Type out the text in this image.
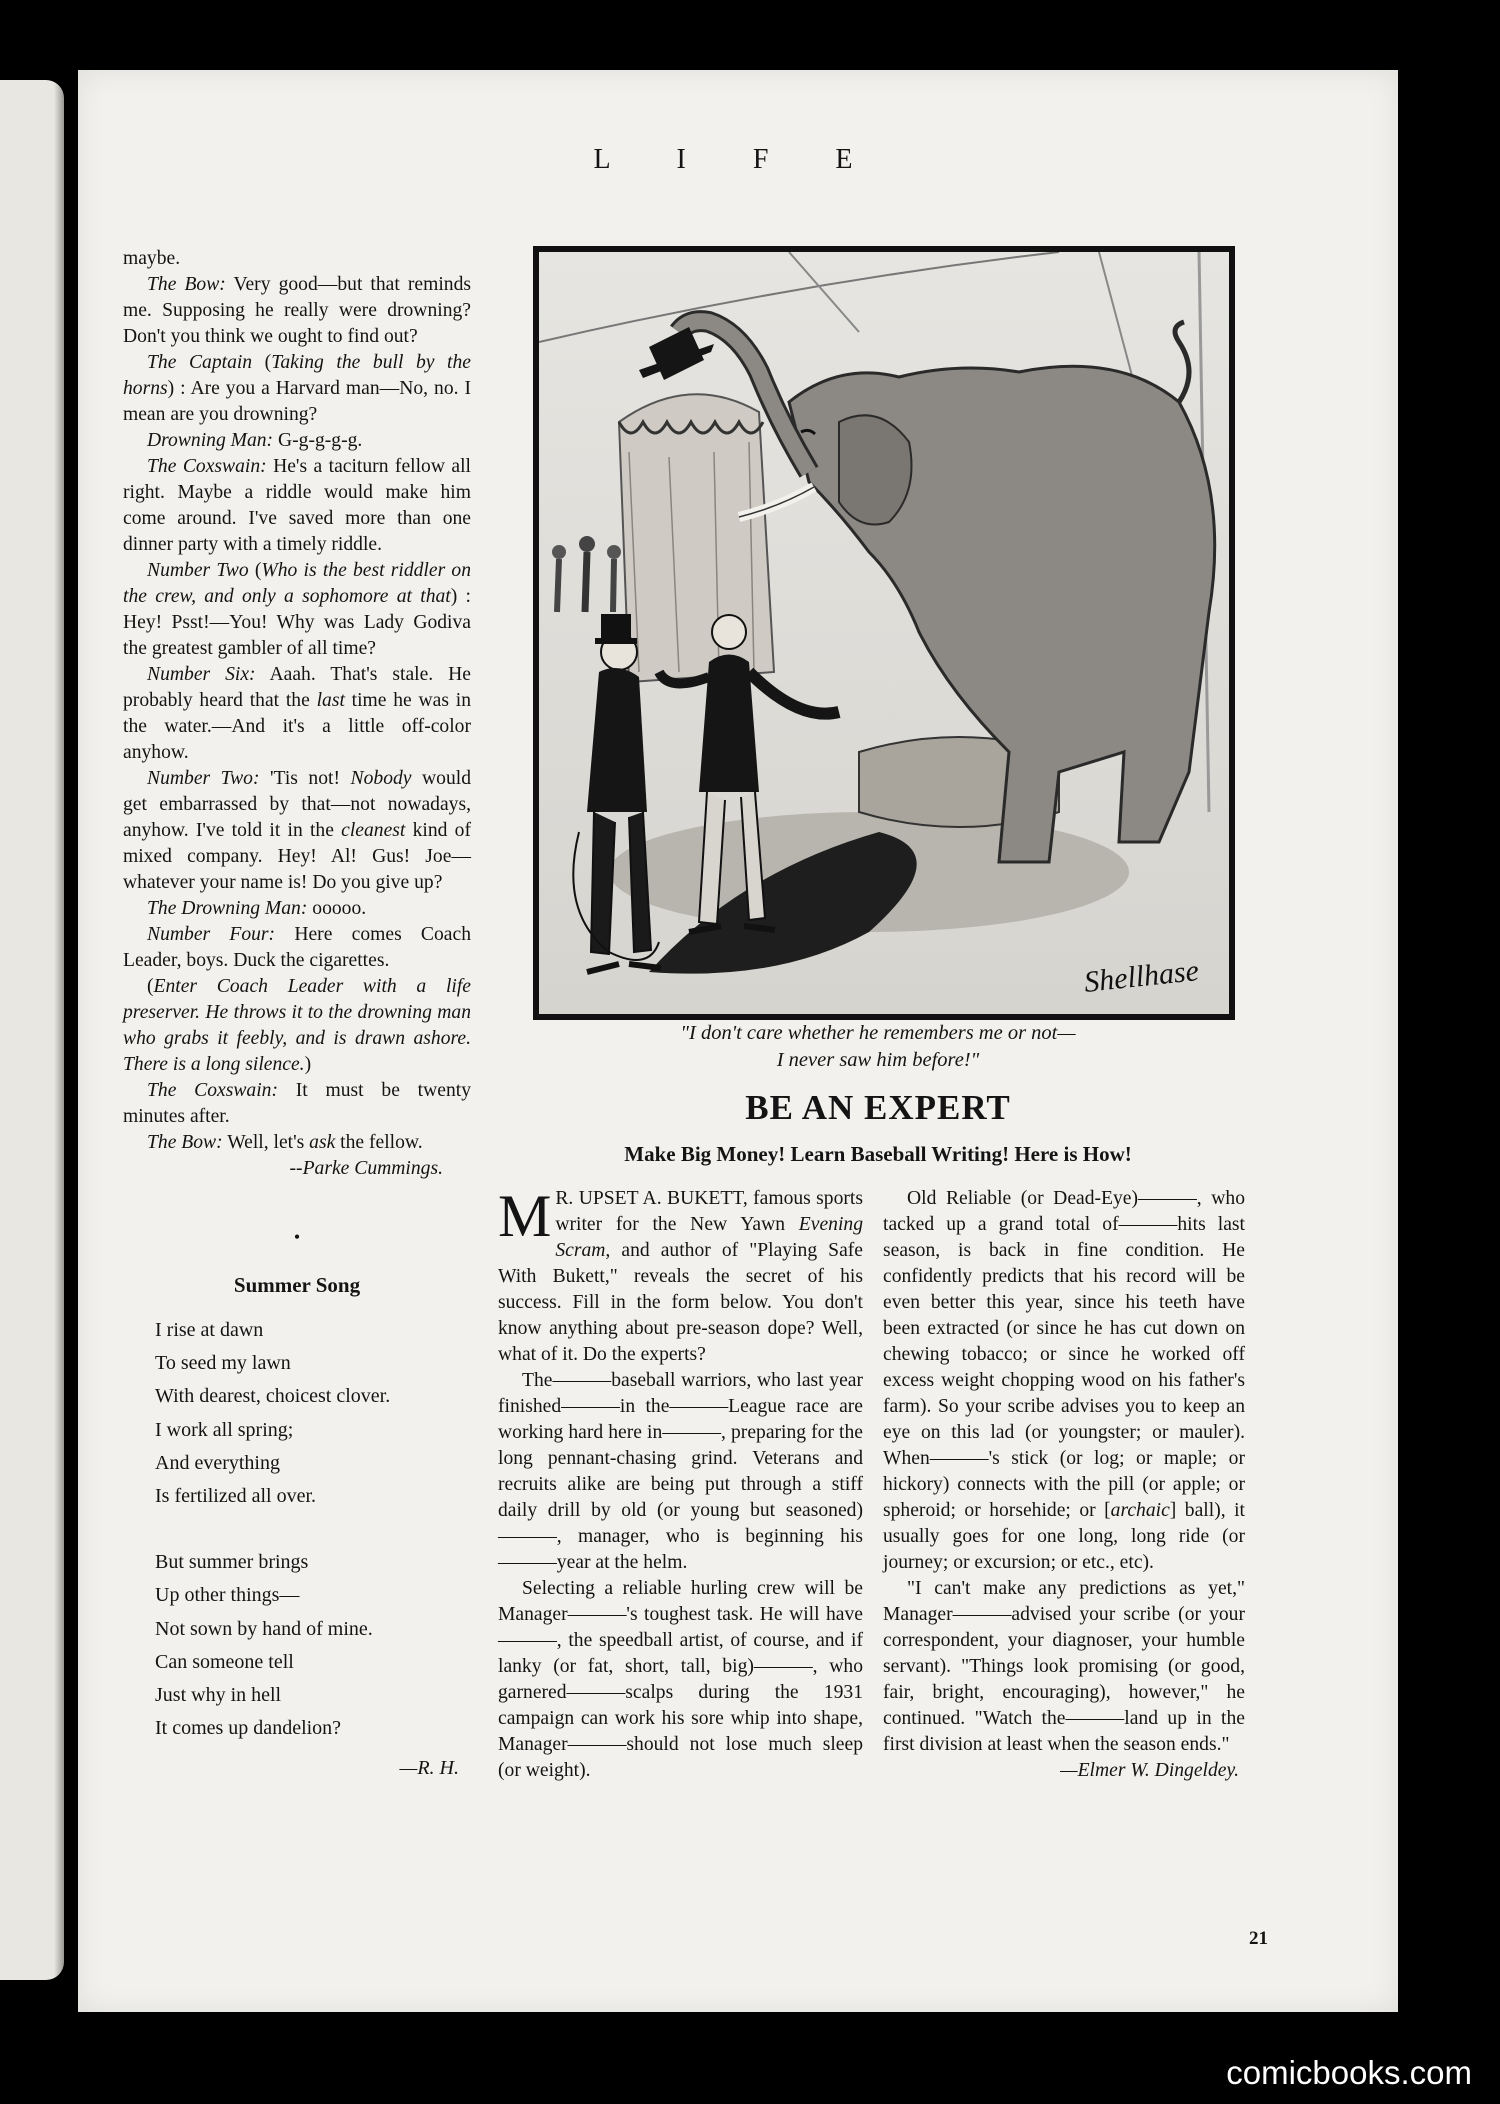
L I F E

maybe.

The Bow: Very good—but that reminds me. Supposing he really were drowning? Don't you think we ought to find out?

The Captain (Taking the bull by the horns) : Are you a Harvard man—No, no. I mean are you drowning?

Drowning Man: G-g-g-g-g.

The Coxswain: He's a taciturn fellow all right. Maybe a riddle would make him come around. I've saved more than one dinner party with a timely riddle.

Number Two (Who is the best riddler on the crew, and only a sophomore at that) : Hey! Psst!—You! Why was Lady Godiva the greatest gambler of all time?

Number Six: Aaah. That's stale. He probably heard that the last time he was in the water.—And it's a little off-color anyhow.

Number Two: 'Tis not! Nobody would get embarrassed by that—not nowadays, anyhow. I've told it in the cleanest kind of mixed company. Hey! Al! Gus! Joe—whatever your name is! Do you give up?

The Drowning Man: ooooo.

Number Four: Here comes Coach Leader, boys. Duck the cigarettes.

(Enter Coach Leader with a life preserver. He throws it to the drowning man who grabs it feebly, and is drawn ashore. There is a long silence.)

The Coxswain: It must be twenty minutes after.

The Bow: Well, let's ask the fellow.

--Parke Cummings.
•
Summer Song
I rise at dawn
To seed my lawn
With dearest, choicest clover.
I work all spring;
And everything
Is fertilized all over.
But summer brings
Up other things—
Not sown by hand of mine.
Can someone tell
Just why in hell
It comes up dandelion?
—R. H.
Shellhase
"I don't care whether he remembers me or not—
I never saw him before!"
BE AN EXPERT
Make Big Money! Learn Baseball Writing! Here is How!
M R. UPSET A. BUKETT, famous sports writer for the New Yawn Evening Scram, and author of "Playing Safe With Bukett," reveals the secret of his success. Fill in the form below. You don't know anything about pre-season dope? Well, what of it. Do the experts?

The———baseball warriors, who last year finished———in the———League race are working hard here in———, preparing for the long pennant-chasing grind. Veterans and recruits alike are being put through a stiff daily drill by old (or young but seasoned)———, manager, who is beginning his———year at the helm.

Selecting a reliable hurling crew will be Manager———'s toughest task. He will have———, the speedball artist, of course, and if lanky (or fat, short, tall, big)———, who garnered———scalps during the 1931 campaign can work his sore whip into shape, Manager———should not lose much sleep (or weight).

Old Reliable (or Dead-Eye)———, who tacked up a grand total of———hits last season, is back in fine condition. He confidently predicts that his record will be even better this year, since his teeth have been extracted (or since he has cut down on chewing tobacco; or since he worked off excess weight chopping wood on his father's farm). So your scribe advises you to keep an eye on this lad (or youngster; or mauler). When———'s stick (or log; or maple; or hickory) connects with the pill (or apple; or spheroid; or horsehide; or [archaic] ball), it usually goes for one long, long ride (or journey; or excursion; or etc., etc).

"I can't make any predictions as yet," Manager———advised your scribe (or your correspondent, your diagnoser, your humble servant). "Things look promising (or good, fair, bright, encouraging), however," he continued. "Watch the———land up in the first division at least when the season ends."

—Elmer W. Dingeldey.
21
comicbooks.com
